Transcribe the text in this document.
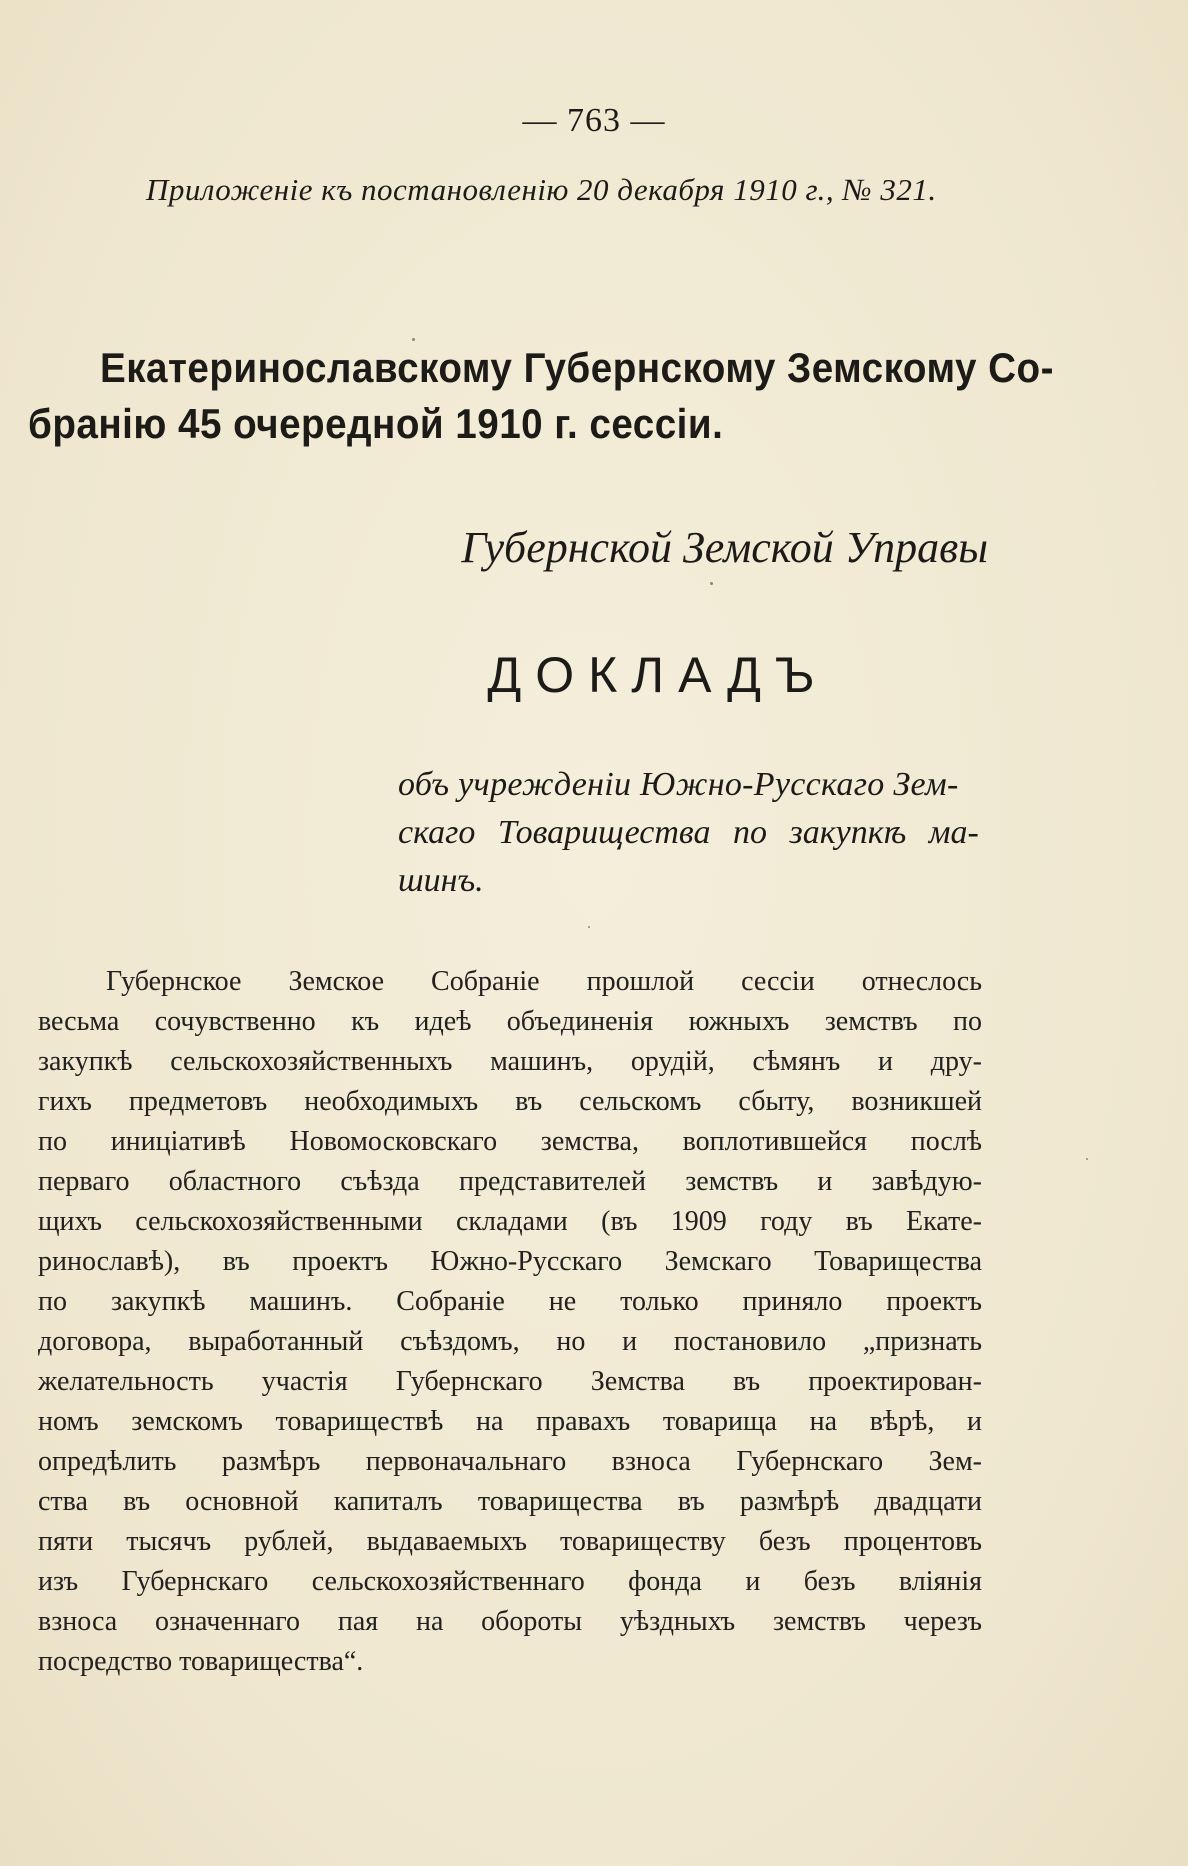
— 763 —
Приложенie къ постановленію 20 декабря 1910 г., № 321.
Екатеринославскому Губернскому Земскому Со-
бранію 45 очередной 1910 г. сессіи.
Губернской Земской Управы
ДОКЛАДЪ
объ учрежденіи Южно-Русскаго Зем-
скаго Товарищества по закупкѣ ма-
шинъ.
Губернское Земское Собраніе прошлой сессіи отнеслось
весьма сочувственно къ идеѣ объединенія южныхъ земствъ по
закупкѣ сельскохозяйственныхъ машинъ, орудій, сѣмянъ и дру-
гихъ предметовъ необходимыхъ въ сельскомъ сбыту, возникшей
по иниціативѣ Новомосковскаго земства, воплотившейся послѣ
перваго областного съѣзда представителей земствъ и завѣдую-
щихъ сельскохозяйственными складами (въ 1909 году въ Екате-
ринославѣ), въ проектъ Южно-Русскаго Земскаго Товарищества
по закупкѣ машинъ. Собраніе не только приняло проектъ
договора, выработанный съѣздомъ, но и постановило „признать
желательность участія Губернскаго Земства въ проектирован-
номъ земскомъ товариществѣ на правахъ товарища на вѣрѣ, и
опредѣлить размѣръ первоначальнаго взноса Губернскаго Зем-
ства въ основной капиталъ товарищества въ размѣрѣ двадцати
пяти тысячъ рублей, выдаваемыхъ товариществу безъ процентовъ
изъ Губернскаго сельскохозяйственнаго фонда и безъ вліянія
взноса означеннаго пая на обороты уѣздныхъ земствъ черезъ
посредство товарищества“.
